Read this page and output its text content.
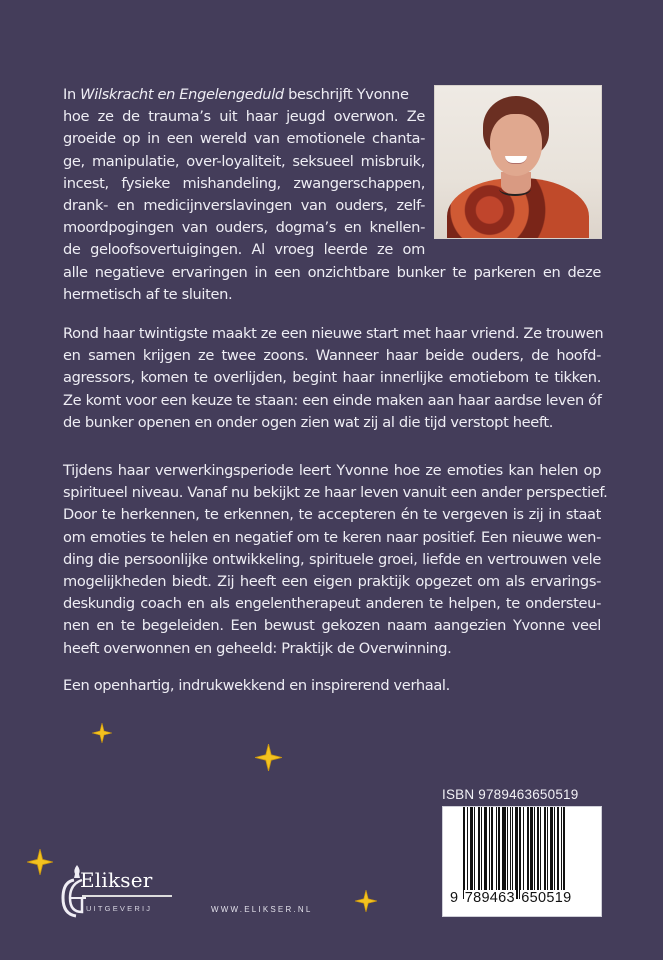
In Wilskracht en Engelengeduld beschrijft Yvonne
hoe ze de trauma’s uit haar jeugd overwon. Ze
groeide op in een wereld van emotionele chanta-
ge, manipulatie, over-loyaliteit, seksueel misbruik,
incest, fysieke mishandeling, zwangerschappen,
drank- en medicijnverslavingen van ouders, zelf-
moordpogingen van ouders, dogma’s en knellen-
de geloofsovertuigingen. Al vroeg leerde ze om
alle negatieve ervaringen in een onzichtbare bunker te parkeren en deze
hermetisch af te sluiten.
Rond haar twintigste maakt ze een nieuwe start met haar vriend. Ze trouwen
en samen krijgen ze twee zoons. Wanneer haar beide ouders, de hoofd-
agressors, komen te overlijden, begint haar innerlijke emotiebom te tikken.
Ze komt voor een keuze te staan: een einde maken aan haar aardse leven óf
de bunker openen en onder ogen zien wat zij al die tijd verstopt heeft.
Tijdens haar verwerkingsperiode leert Yvonne hoe ze emoties kan helen op
spiritueel niveau. Vanaf nu bekijkt ze haar leven vanuit een ander perspectief.
Door te herkennen, te erkennen, te accepteren én te vergeven is zij in staat
om emoties te helen en negatief om te keren naar positief. Een nieuwe wen-
ding die persoonlijke ontwikkeling, spirituele groei, liefde en vertrouwen vele
mogelijkheden biedt. Zij heeft een eigen praktijk opgezet om als ervarings-
deskundig coach en als engelentherapeut anderen te helpen, te ondersteu-
nen en te begeleiden. Een bewust gekozen naam aangezien Yvonne veel
heeft overwonnen en geheeld: Praktijk de Overwinning.
Een openhartig, indrukwekkend en inspirerend verhaal.
Elikser
UITGEVERIJ	WWW.ELIKSER.NL
ISBN 9789463650519
9 789463 650519
